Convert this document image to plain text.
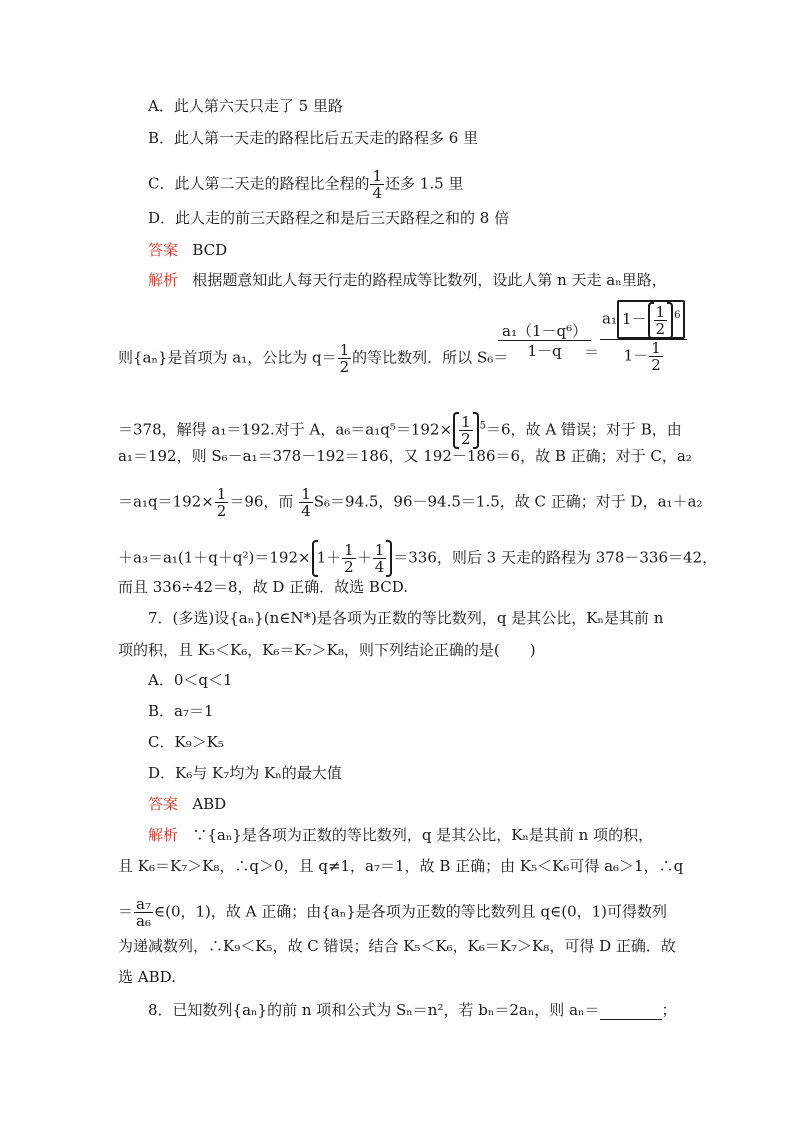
A．此人第六天只走了 5 里路
B．此人第一天走的路程比后五天走的路程多 6 里
C．此人第二天走的路程比全程的 $\frac{1}{4}$ 还多 1.5 里
D．此人走的前三天路程之和是后三天路程之和的 8 倍
答案 BCD
解析 根据题意知此人每天行走的路程成等比数列，设此人第 n 天走 aₙ里路，
则{aₙ}是首项为 a₁，公比为 $q= \frac{1}{2}$ 的等比数列．所以 S₆＝
$\frac{\text{a₁（1－q⁶）}}{1-q}$
＝ $\frac{a_1 1- \frac{1}{2} ^6}{1- \frac{1}{2}}$
＝378，解得 a₁＝192.对于 A，$a_6=a_1q^5=192\times \frac{1}{2} ^5=6$，故 A 错误；对于 B，由
a₁＝192，则 S₆－a₁＝378－192＝186，又 192－186＝6，故 B 正确；对于 C，a₂
$=a_1q=192\times \frac{1}{2} =96$，而 $\frac{1}{4} S_6=94.5$，96－94.5＝1.5，故 C 正确；对于 D，a₁＋a₂
$+a_3=a_1(1+q+q^2)=192\times 1+ \frac{1}{2} + \frac{1}{4} =336$，则后 3 天走的路程为 378－336＝42，
而且 336÷42＝8，故 D 正确．故选 BCD.
7．(多选)设{aₙ}(n∈N*)是各项为正数的等比数列，q 是其公比，Kₙ是其前 n
项的积，且 K₅＜K₆，K₆＝K₇＞K₈，则下列结论正确的是(　　)
A．0＜q＜1
B．a₇＝1
C．K₉＞K₅
D．K₆与 K₇均为 Kₙ的最大值
答案 ABD
解析 ∵{aₙ}是各项为正数的等比数列，q 是其公比，Kₙ是其前 n 项的积，
且 K₆＝K₇＞K₈，∴q＞0，且 q≠1，a₇＝1，故 B 正确；由 K₅＜K₆可得 a₆＞1，∴q
＝ $\frac{\text{a₇}}{\text{a₆}}$ ∈(0，1)，故 A 正确；由{aₙ}是各项为正数的等比数列且 q∈(0，1)可得数列
为递减数列，∴K₉＜K₅，故 C 错误；结合 K₅＜K₆，K₆＝K₇＞K₈，可得 D 正确．故
选 ABD.
8．已知数列{aₙ}的前 n 项和公式为 Sₙ＝n²，若 bₙ＝2aₙ，则 aₙ＝	；
